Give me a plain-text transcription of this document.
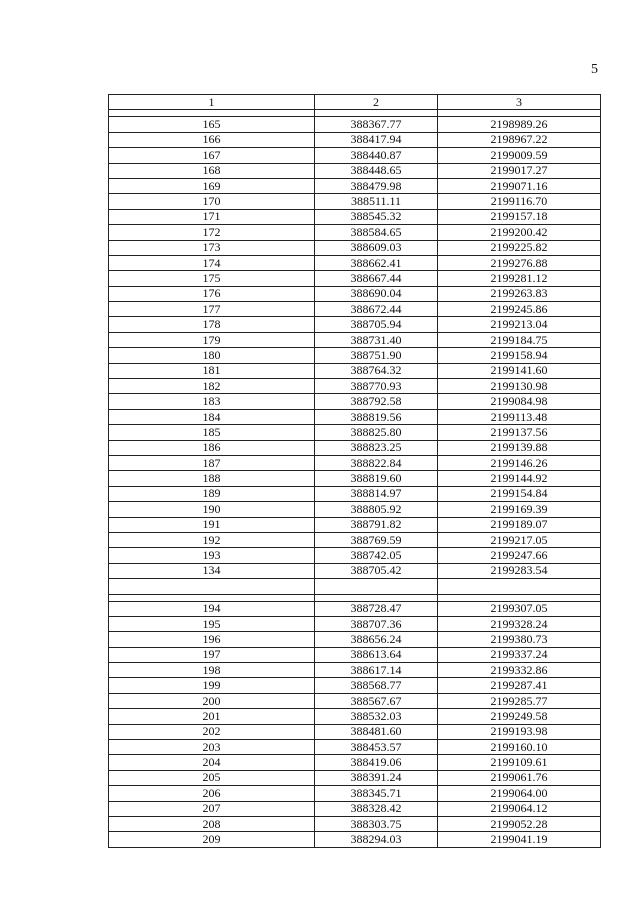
5
1	2	3

165	388367.77	2198989.26
166	388417.94	2198967.22
167	388440.87	2199009.59
168	388448.65	2199017.27
169	388479.98	2199071.16
170	388511.11	2199116.70
171	388545.32	2199157.18
172	388584.65	2199200.42
173	388609.03	2199225.82
174	388662.41	2199276.88
175	388667.44	2199281.12
176	388690.04	2199263.83
177	388672.44	2199245.86
178	388705.94	2199213.04
179	388731.40	2199184.75
180	388751.90	2199158.94
181	388764.32	2199141.60
182	388770.93	2199130.98
183	388792.58	2199084.98
184	388819.56	2199113.48
185	388825.80	2199137.56
186	388823.25	2199139.88
187	388822.84	2199146.26
188	388819.60	2199144.92
189	388814.97	2199154.84
190	388805.92	2199169.39
191	388791.82	2199189.07
192	388769.59	2199217.05
193	388742.05	2199247.66
134	388705.42	2199283.54

194	388728.47	2199307.05
195	388707.36	2199328.24
196	388656.24	2199380.73
197	388613.64	2199337.24
198	388617.14	2199332.86
199	388568.77	2199287.41
200	388567.67	2199285.77
201	388532.03	2199249.58
202	388481.60	2199193.98
203	388453.57	2199160.10
204	388419.06	2199109.61
205	388391.24	2199061.76
206	388345.71	2199064.00
207	388328.42	2199064.12
208	388303.75	2199052.28
209	388294.03	2199041.19
